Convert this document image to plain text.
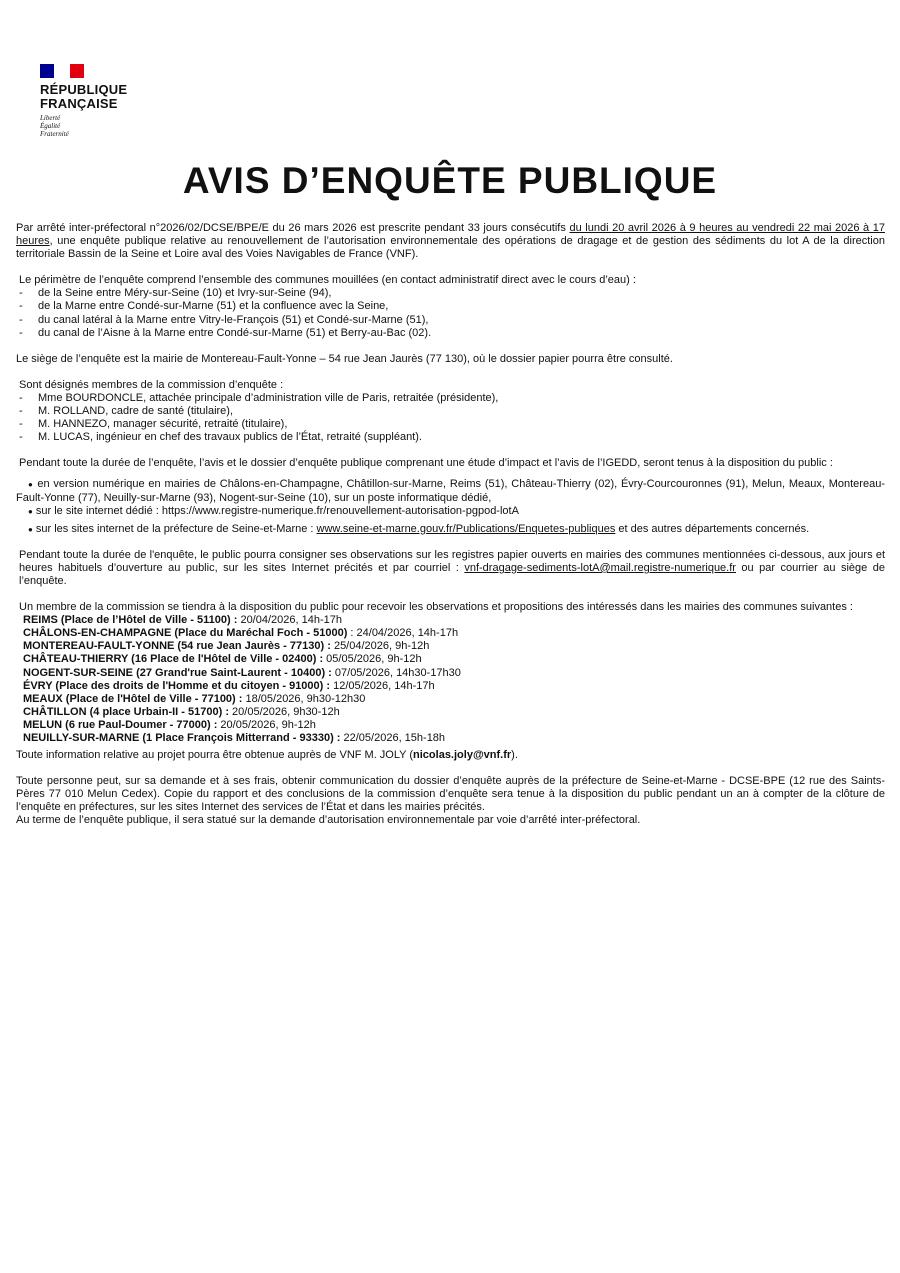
RÉPUBLIQUE
FRANÇAISE
Liberté
Égalité
Fraternité
AVIS D’ENQUÊTE PUBLIQUE

Par arrêté inter-préfectoral n°2026/02/DCSE/BPE/E du 26 mars 2026 est prescrite pendant 33 jours consécutifs du lundi 20 avril 2026 à 9 heures au vendredi 22 mai 2026 à 17 heures, une enquête publique relative au renouvellement de l’autorisation environnementale des opérations de dragage et de gestion des sédiments du lot A de la direction territoriale Bassin de la Seine et Loire aval des Voies Navigables de France (VNF).

Le périmètre de l’enquête comprend l’ensemble des communes mouillées (en contact administratif direct avec le cours d’eau) :

- de la Seine entre Méry-sur-Seine (10) et Ivry-sur-Seine (94),

- de la Marne entre Condé-sur-Marne (51) et la confluence avec la Seine,

- du canal latéral à la Marne entre Vitry-le-François (51) et Condé-sur-Marne (51),

- du canal de l’Aisne à la Marne entre Condé-sur-Marne (51) et Berry-au-Bac (02).

Le siège de l’enquête est la mairie de Montereau-Fault-Yonne – 54 rue Jean Jaurès (77 130), où le dossier papier pourra être consulté.

Sont désignés membres de la commission d’enquête :

- Mme BOURDONCLE, attachée principale d’administration ville de Paris, retraitée (présidente),

- M. ROLLAND, cadre de santé (titulaire),

- M. HANNEZO, manager sécurité, retraité (titulaire),

- M. LUCAS, ingénieur en chef des travaux publics de l’État, retraité (suppléant).

Pendant toute la durée de l’enquête, l’avis et le dossier d’enquête publique comprenant une étude d’impact et l’avis de l’IGEDD, seront tenus à la disposition du public :

● en version numérique en mairies de Châlons-en-Champagne, Châtillon-sur-Marne, Reims (51), Château-Thierry (02), Évry-Courcouronnes (91), Melun, Meaux, Montereau-Fault-Yonne (77), Neuilly-sur-Marne (93), Nogent-sur-Seine (10), sur un poste informatique dédié,

● sur le site internet dédié : https://www.registre-numerique.fr/renouvellement-autorisation-pgpod-lotA

● sur les sites internet de la préfecture de Seine-et-Marne : www.seine-et-marne.gouv.fr/Publications/Enquetes-publiques et des autres départements concernés.

Pendant toute la durée de l'enquête, le public pourra consigner ses observations sur les registres papier ouverts en mairies des communes mentionnées ci-dessous, aux jours et heures habituels d’ouverture au public, sur les sites Internet précités et par courriel : vnf-dragage-sediments-lotA@mail.registre-numerique.fr ou par courrier au siège de l’enquête.

Un membre de la commission se tiendra à la disposition du public pour recevoir les observations et propositions des intéressés dans les mairies des communes suivantes :

REIMS (Place de l’Hôtel de Ville - 51100) : 20/04/2026, 14h-17h

CHÂLONS-EN-CHAMPAGNE (Place du Maréchal Foch - 51000) : 24/04/2026, 14h-17h

MONTEREAU-FAULT-YONNE (54 rue Jean Jaurès - 77130) : 25/04/2026, 9h-12h

CHÂTEAU-THIERRY (16 Place de l'Hôtel de Ville - 02400) : 05/05/2026, 9h-12h

NOGENT-SUR-SEINE (27 Grand'rue Saint-Laurent - 10400) : 07/05/2026, 14h30-17h30

ÉVRY (Place des droits de l'Homme et du citoyen - 91000) : 12/05/2026, 14h-17h

MEAUX (Place de l'Hôtel de Ville - 77100) : 18/05/2026, 9h30-12h30

CHÂTILLON (4 place Urbain-II - 51700) : 20/05/2026, 9h30-12h

MELUN (6 rue Paul-Doumer - 77000) : 20/05/2026, 9h-12h

NEUILLY-SUR-MARNE (1 Place François Mitterrand - 93330) : 22/05/2026, 15h-18h

Toute information relative au projet pourra être obtenue auprès de VNF M. JOLY (nicolas.joly@vnf.fr).

Toute personne peut, sur sa demande et à ses frais, obtenir communication du dossier d’enquête auprès de la préfecture de Seine-et-Marne - DCSE-BPE (12 rue des Saints-Pères 77 010 Melun Cedex). Copie du rapport et des conclusions de la commission d’enquête sera tenue à la disposition du public pendant un an à compter de la clôture de l’enquête en préfectures, sur les sites Internet des services de l’État et dans les mairies précités.

Au terme de l’enquête publique, il sera statué sur la demande d’autorisation environnementale par voie d’arrêté inter-préfectoral.
